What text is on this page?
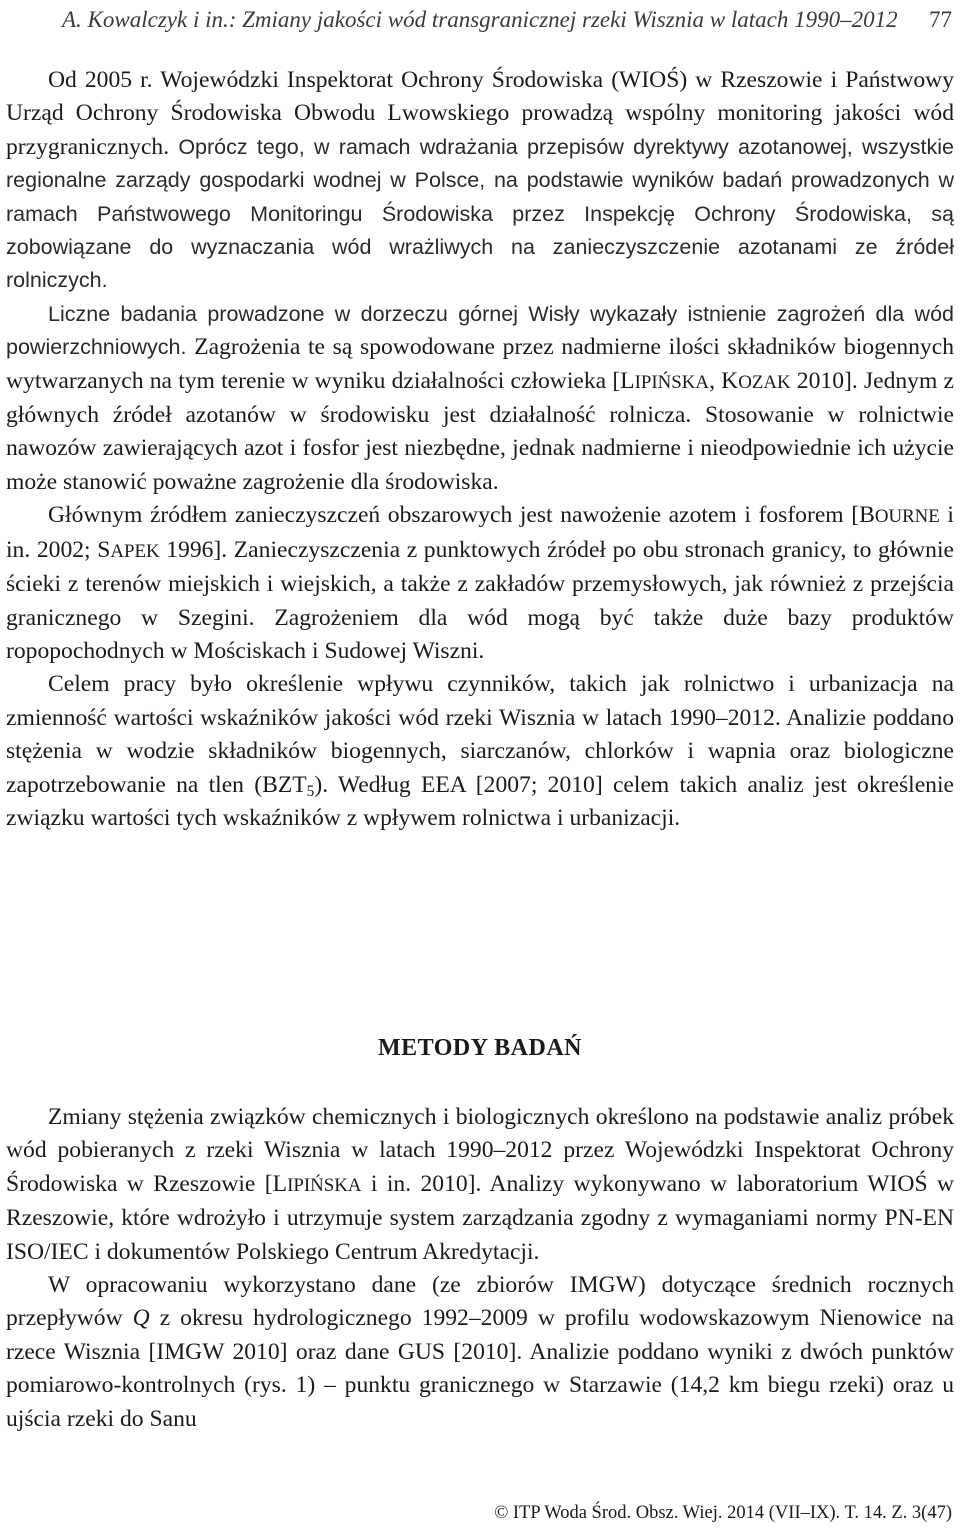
A. Kowalczyk i in.: Zmiany jakości wód transgranicznej rzeki Wisznia w latach 1990–2012 77

Od 2005 r. Wojewódzki Inspektorat Ochrony Środowiska (WIOŚ) w Rzeszowie i Państwowy Urząd Ochrony Środowiska Obwodu Lwowskiego prowadzą wspólny monitoring jakości wód przygranicznych. Oprócz tego, w ramach wdrażania przepisów dyrektywy azotanowej, wszystkie regionalne zarządy gospodarki wodnej w Polsce, na podstawie wyników badań prowadzonych w ramach Państwowego Monitoringu Środowiska przez Inspekcję Ochrony Środowiska, są zobowiązane do wyznaczania wód wrażliwych na zanieczyszczenie azotanami ze źródeł rolniczych.

Liczne badania prowadzone w dorzeczu górnej Wisły wykazały istnienie zagrożeń dla wód powierzchniowych. Zagrożenia te są spowodowane przez nadmierne ilości składników biogennych wytwarzanych na tym terenie w wyniku działalności człowieka [LIPIŃSKA, KOZAK 2010]. Jednym z głównych źródeł azotanów w środowisku jest działalność rolnicza. Stosowanie w rolnictwie nawozów zawierających azot i fosfor jest niezbędne, jednak nadmierne i nieodpowiednie ich użycie może stanowić poważne zagrożenie dla środowiska.

Głównym źródłem zanieczyszczeń obszarowych jest nawożenie azotem i fosforem [BOURNE i in. 2002; SAPEK 1996]. Zanieczyszczenia z punktowych źródeł po obu stronach granicy, to głównie ścieki z terenów miejskich i wiejskich, a także z zakładów przemysłowych, jak również z przejścia granicznego w Szegini. Zagrożeniem dla wód mogą być także duże bazy produktów ropopochodnych w Mościskach i Sudowej Wiszni.

Celem pracy było określenie wpływu czynników, takich jak rolnictwo i urbanizacja na zmienność wartości wskaźników jakości wód rzeki Wisznia w latach 1990–2012. Analizie poddano stężenia w wodzie składników biogennych, siarczanów, chlorków i wapnia oraz biologiczne zapotrzebowanie na tlen $(BZT_5)$. Według EEA [2007; 2010] celem takich analiz jest określenie związku wartości tych wskaźników z wpływem rolnictwa i urbanizacji.

METODY BADAŃ

Zmiany stężenia związków chemicznych i biologicznych określono na podstawie analiz próbek wód pobieranych z rzeki Wisznia w latach 1990–2012 przez Wojewódzki Inspektorat Ochrony Środowiska w Rzeszowie [LIPIŃSKA i in. 2010]. Analizy wykonywano w laboratorium WIOŚ w Rzeszowie, które wdrożyło i utrzymuje system zarządzania zgodny z wymaganiami normy PN-EN ISO/IEC i dokumentów Polskiego Centrum Akredytacji.

W opracowaniu wykorzystano dane (ze zbiorów IMGW) dotyczące średnich rocznych przepływów Q z okresu hydrologicznego 1992–2009 w profilu wodowskazowym Nienowice na rzece Wisznia [IMGW 2010] oraz dane GUS [2010]. Analizie poddano wyniki z dwóch punktów pomiarowo-kontrolnych (rys. 1) – punktu granicznego w Starzawie (14,2 km biegu rzeki) oraz u ujścia rzeki do Sanu

© ITP Woda Środ. Obsz. Wiej. 2014 (VII–IX). T. 14. Z. 3(47)
